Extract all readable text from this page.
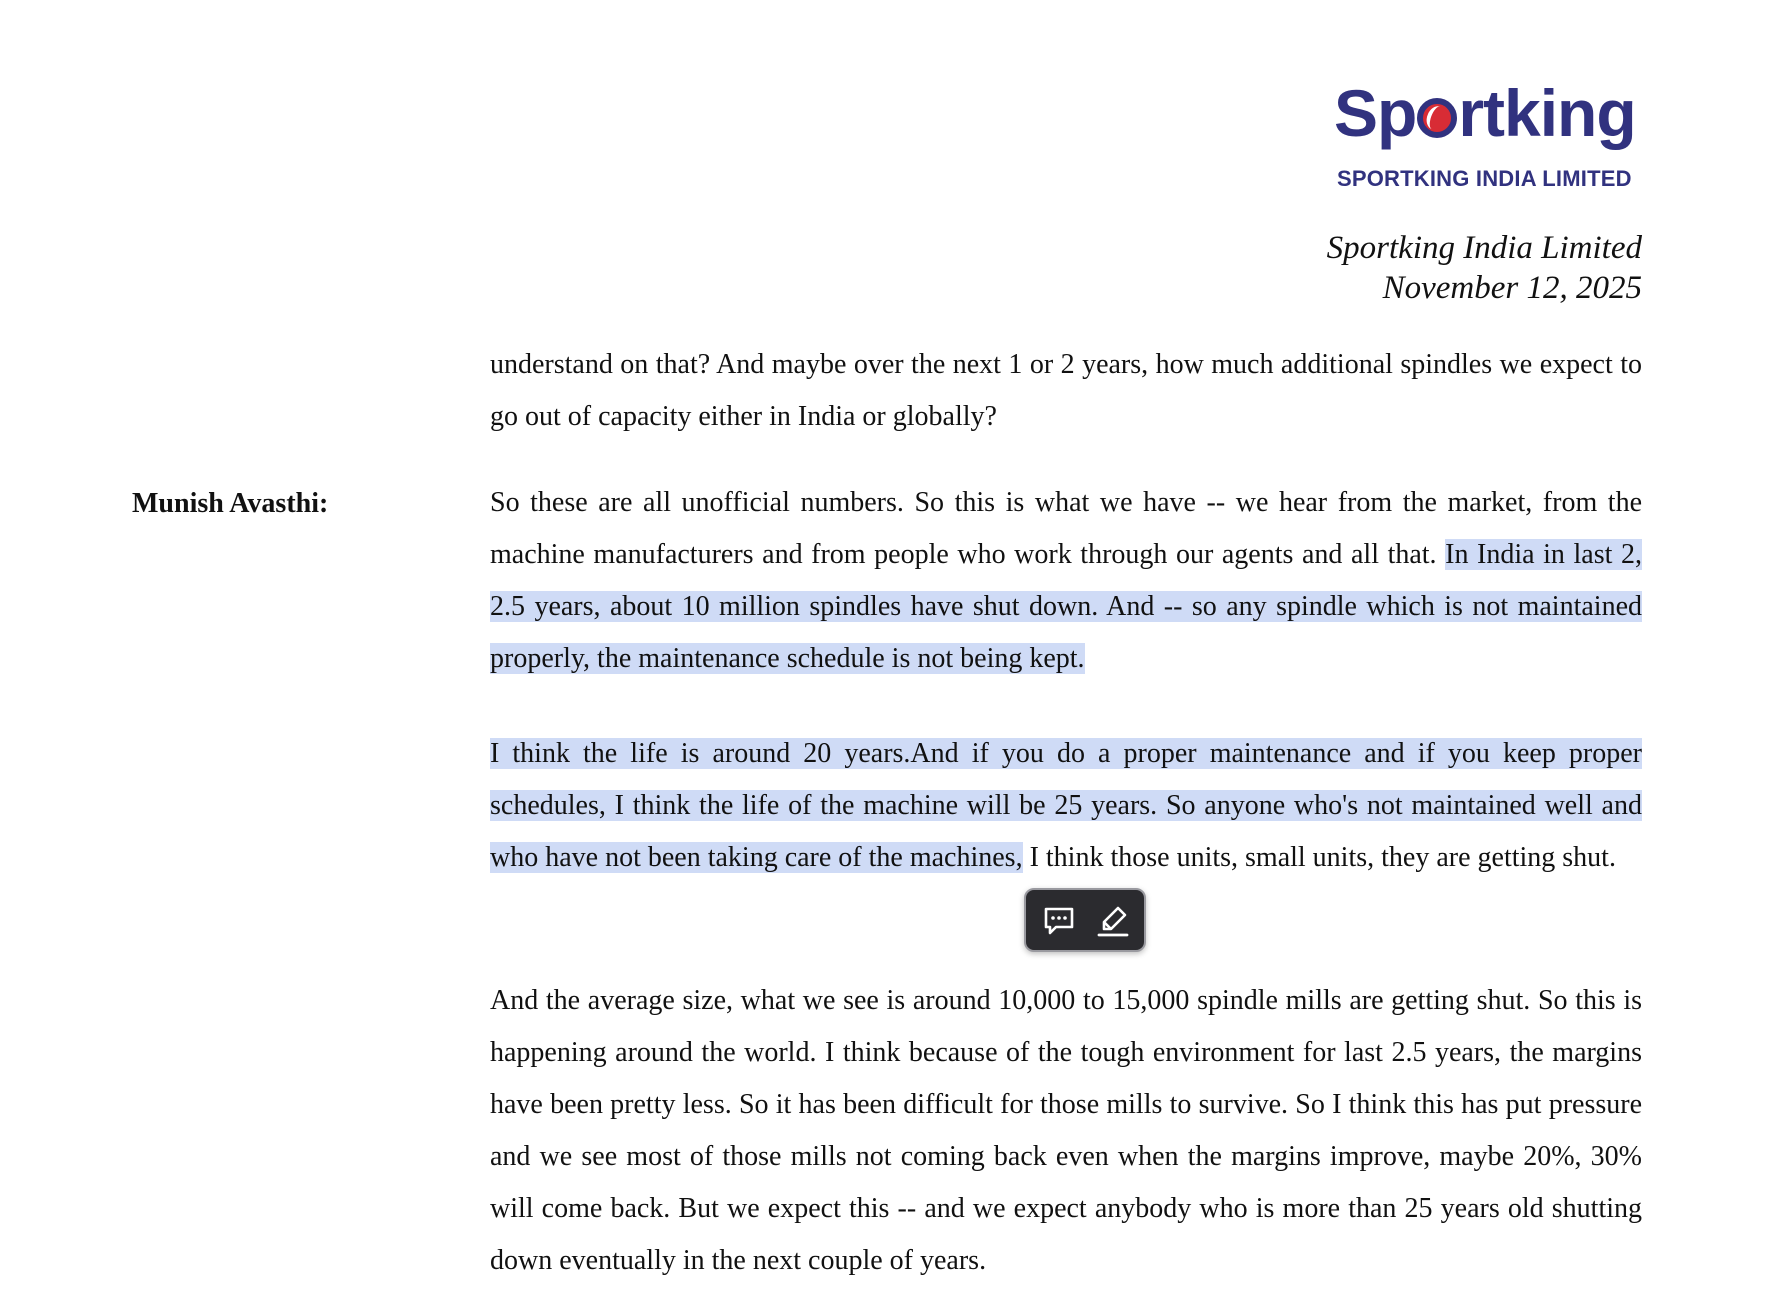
Sp rtking
SPORTKING INDIA LIMITED
Sportking India Limited
November 12, 2025

understand on that? And maybe over the next 1 or 2 years, how much additional spindles we expect to go out of capacity either in India or globally?

Munish Avasthi:	So these are all unofficial numbers. So this is what we have -- we hear from the market, from the machine manufacturers and from people who work through our agents and all that. In India in last 2, 2.5 years, about 10 million spindles have shut down. And -- so any spindle which is not maintained properly, the maintenance schedule is not being kept.

I think the life is around 20 years.And if you do a proper maintenance and if you keep proper schedules, I think the life of the machine will be 25 years. So anyone who's not maintained well and who have not been taking care of the machines, I think those units, small units, they are getting shut.

And the average size, what we see is around 10,000 to 15,000 spindle mills are getting shut. So this is happening around the world. I think because of the tough environment for last 2.5 years, the margins have been pretty less. So it has been difficult for those mills to survive. So I think this has put pressure and we see most of those mills not coming back even when the margins improve, maybe 20%, 30% will come back. But we expect this -- and we expect anybody who is more than 25 years old shutting down eventually in the next couple of years.
